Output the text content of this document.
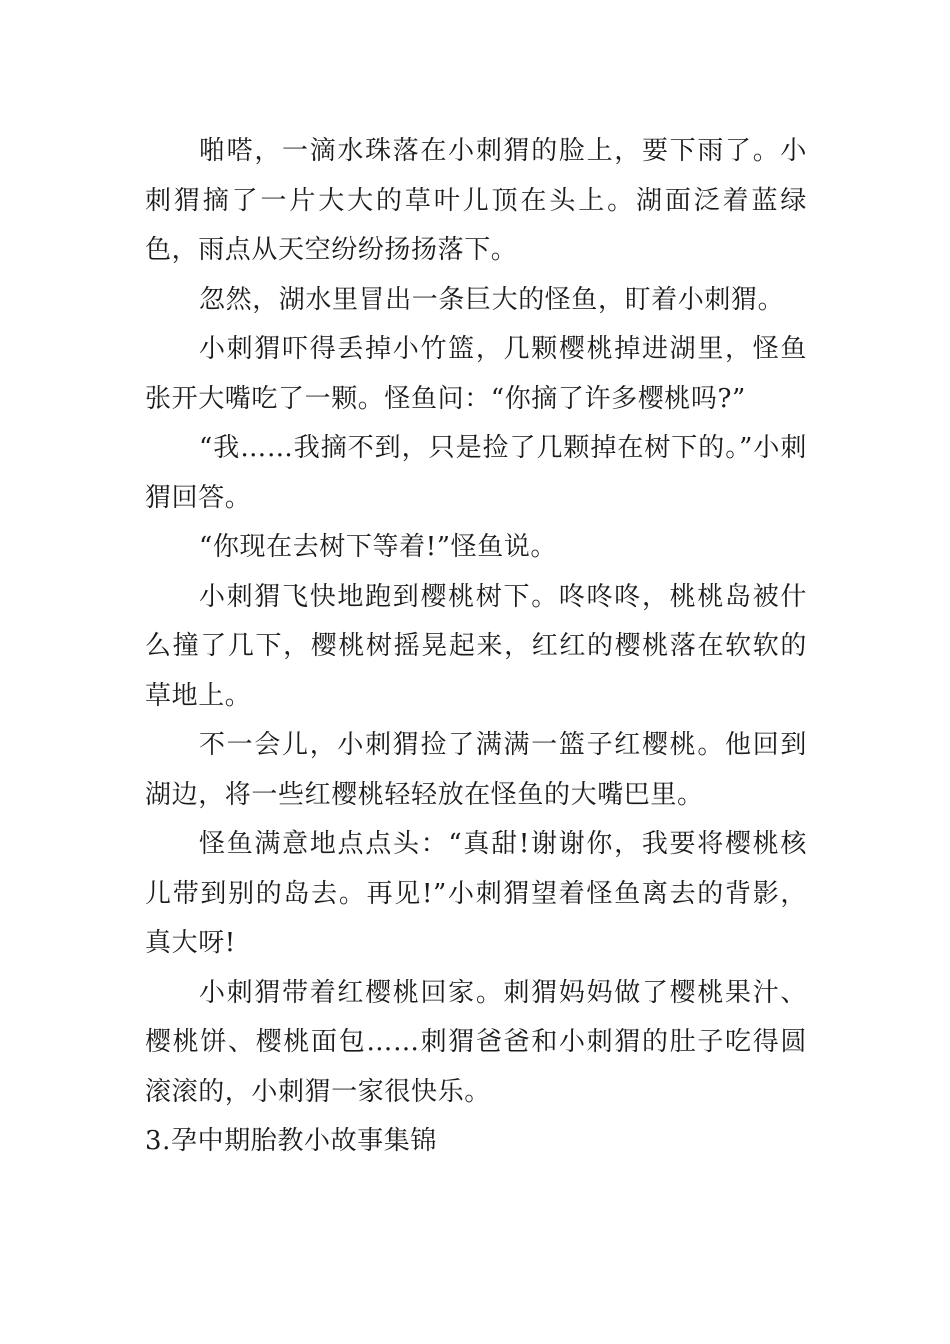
啪嗒，一滴水珠落在小刺猬的脸上，要下雨了。小刺猬摘了一片大大的草叶儿顶在头上。湖面泛着蓝绿色，雨点从天空纷纷扬扬落下。

忽然，湖水里冒出一条巨大的怪鱼，盯着小刺猬。

小刺猬吓得丢掉小竹篮，几颗樱桃掉进湖里，怪鱼张开大嘴吃了一颗。怪鱼问：“你摘了许多樱桃吗?”

“我……我摘不到，只是捡了几颗掉在树下的。”小刺猬回答。

“你现在去树下等着!”怪鱼说。

小刺猬飞快地跑到樱桃树下。咚咚咚，桃桃岛被什么撞了几下，樱桃树摇晃起来，红红的樱桃落在软软的草地上。

不一会儿，小刺猬捡了满满一篮子红樱桃。他回到湖边，将一些红樱桃轻轻放在怪鱼的大嘴巴里。

怪鱼满意地点点头：“真甜!谢谢你，我要将樱桃核儿带到别的岛去。再见!”小刺猬望着怪鱼离去的背影，真大呀!

小刺猬带着红樱桃回家。刺猬妈妈做了樱桃果汁、樱桃饼、樱桃面包……刺猬爸爸和小刺猬的肚子吃得圆滚滚的，小刺猬一家很快乐。

3.孕中期胎教小故事集锦
